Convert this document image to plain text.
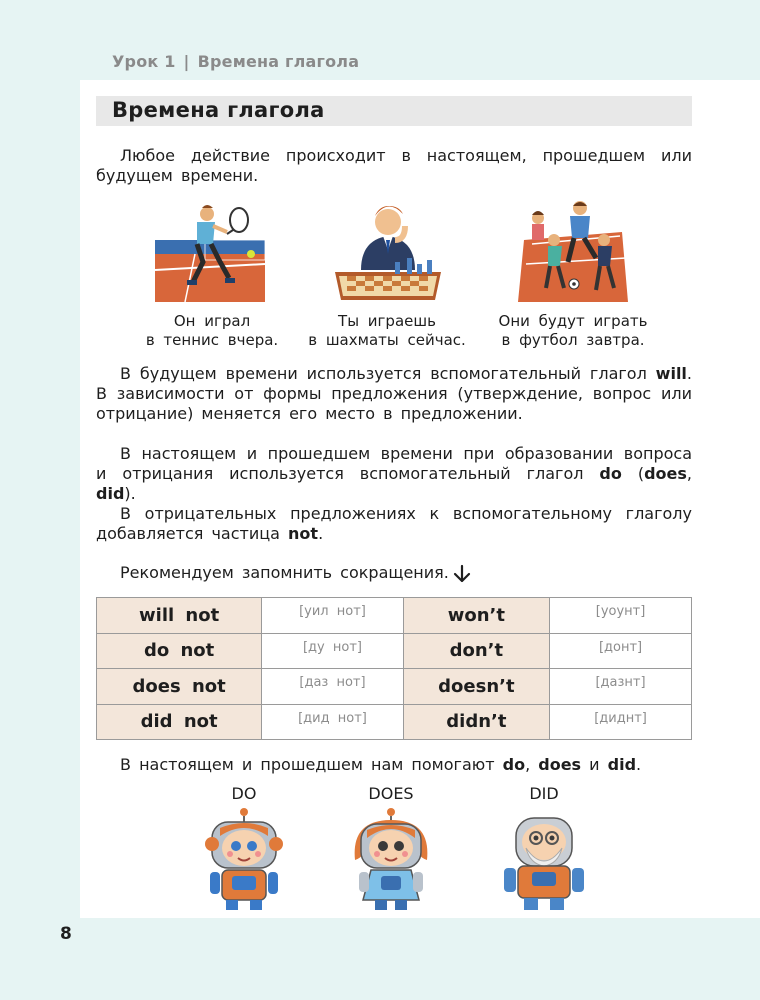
Урок 1 | Времена глагола
Времена глагола

Любое действие происходит в настоящем, прошедшем или будущем времени.

Он играл
в теннис вчера.
Ты играешь
в шахматы сейчас.
Они будут играть
в футбол завтра.

В будущем времени используется вспомогательный глагол will. В зависимости от формы предложения (утверждение, вопрос или отрицание) меняется его место в предложении.

В настоящем и прошедшем времени при образовании вопроса и отрицания используется вспомогательный глагол do (does, did).

В отрицательных предложениях к вспомогательному глаголу добавляется частица not.

Рекомендуем запомнить сокращения.

will not	[уил нот]	won’t	[уоунт]
do not	[ду нот]	don’t	[донт]
does not	[даз нот]	doesn’t	[дазнт]
did not	[дид нот]	didn’t	[диднт]

В настоящем и прошедшем нам помогают do, does и did.

DO	DOES	DID
8
